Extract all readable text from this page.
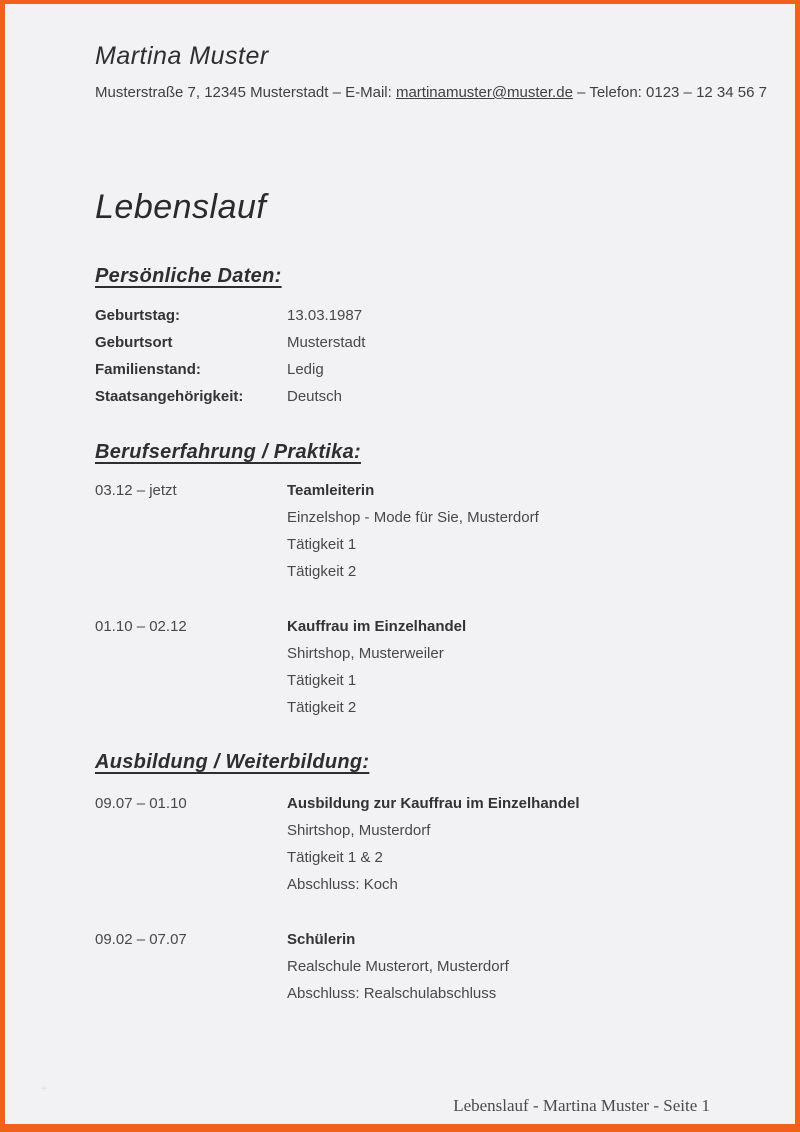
Martina Muster
Musterstraße 7, 12345 Musterstadt – E-Mail: martinamuster@muster.de – Telefon: 0123 – 12 34 56 7
Lebenslauf
Persönliche Daten:
Geburtstag:	13.03.1987
Geburtsort	Musterstadt
Familienstand:	Ledig
Staatsangehörigkeit:	Deutsch
Berufserfahrung / Praktika:
03.12 – jetzt	Teamleiterin
Einzelshop - Mode für Sie, Musterdorf
Tätigkeit 1
Tätigkeit 2
01.10 – 02.12	Kauffrau im Einzelhandel
Shirtshop, Musterweiler
Tätigkeit 1
Tätigkeit 2
Ausbildung / Weiterbildung:
09.07 – 01.10	Ausbildung zur Kauffrau im Einzelhandel
Shirtshop, Musterdorf
Tätigkeit 1 & 2
Abschluss: Koch
09.02 – 07.07	Schülerin
Realschule Musterort, Musterdorf
Abschluss: Realschulabschluss
+
Lebenslauf - Martina Muster - Seite 1
